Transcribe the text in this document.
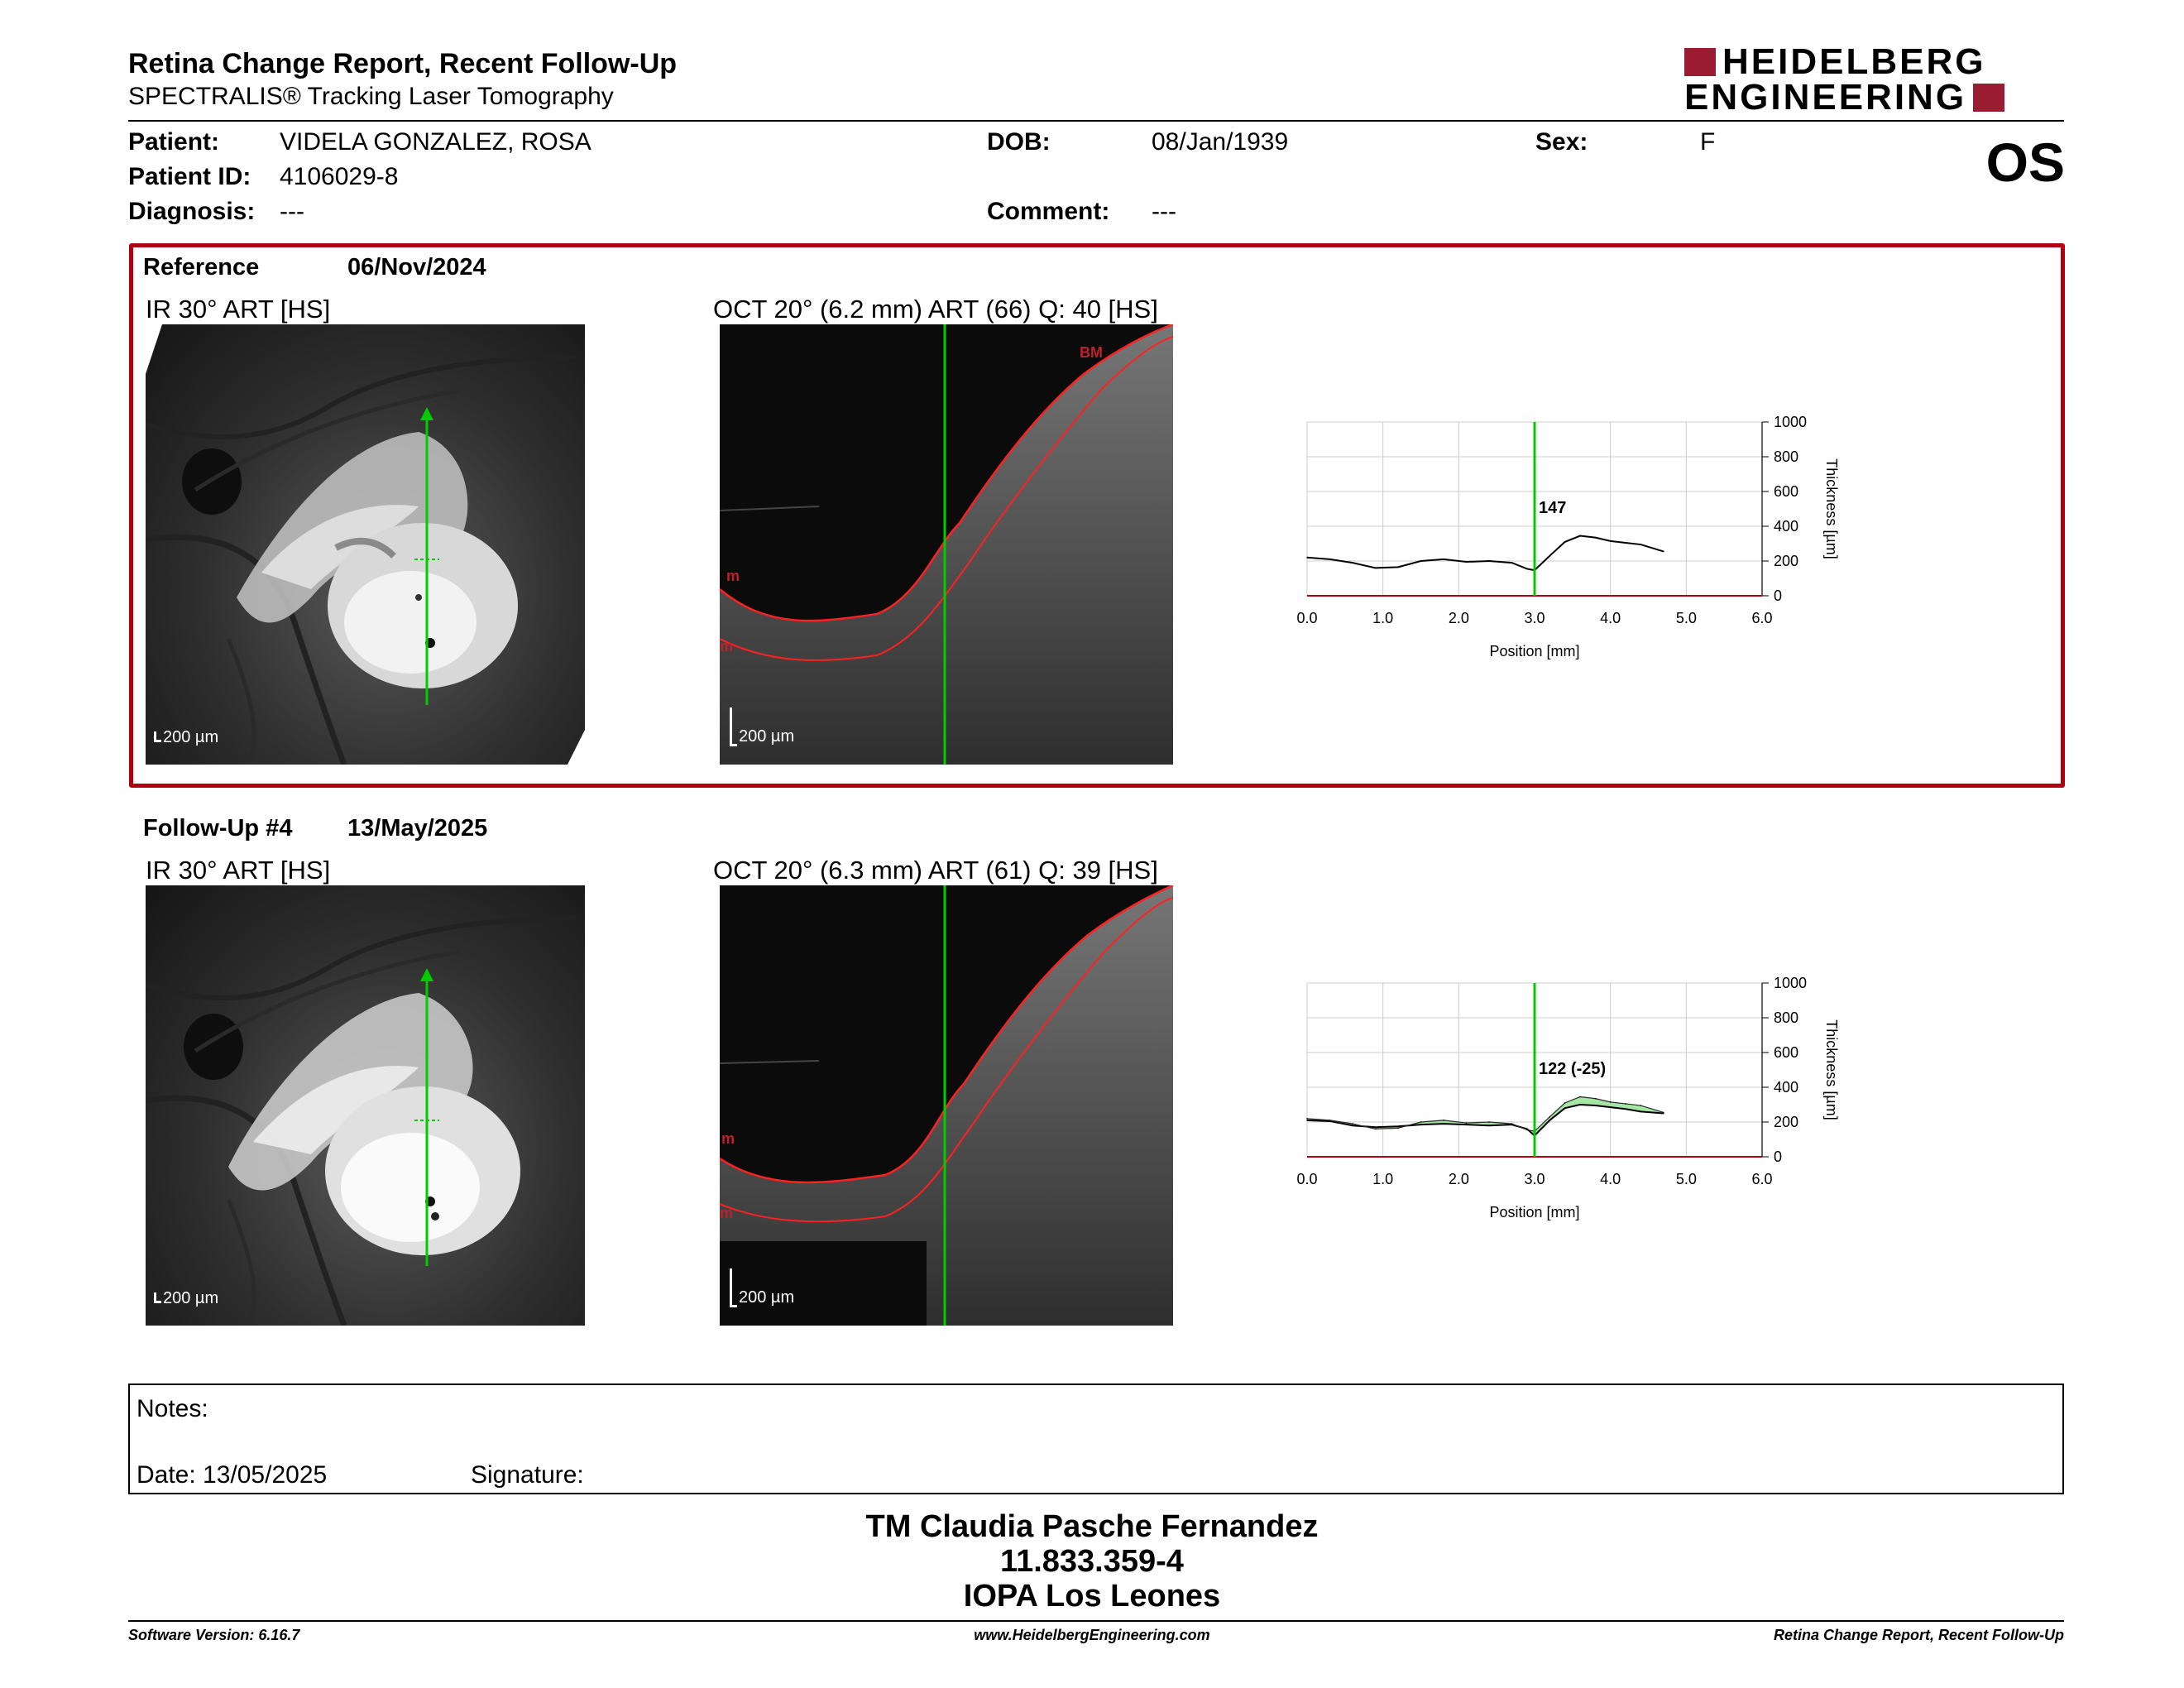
Retina Change Report, Recent Follow-Up
SPECTRALIS® Tracking Laser Tomography
HEIDELBERG
ENGINEERING
Patient: VIDELA GONZALEZ, ROSA
Patient ID: 4106029-8
Diagnosis: ---
DOB:	08/Jan/1939
Comment: ---
Sex:	F	OS
Reference	06/Nov/2024
IR 30° ART [HS]	OCT 20° (6.2 mm) ART (66) Q: 40 [HS]
200 µm
BM
m
m
200 µm
0.0	1.0	2.0	3.0	4.0	5.0	6.0
0
200
400
600
800
1000
Position [mm]
Thickness [µm]
147
Follow-Up #4 13/May/2025
IR 30° ART [HS]	OCT 20° (6.3 mm) ART (61) Q: 39 [HS]
200 µm
m
m
200 µm
0.0	1.0	2.0	3.0	4.0	5.0	6.0
0
200
400
600
800
1000
Position [mm]
Thickness [µm]
122 (-25)
Notes:
Date: 13/05/2025	Signature:
TM Claudia Pasche Fernandez
11.833.359-4
IOPA Los Leones
Software Version: 6.16.7	www.HeidelbergEngineering.com	Retina Change Report, Recent Follow-Up
